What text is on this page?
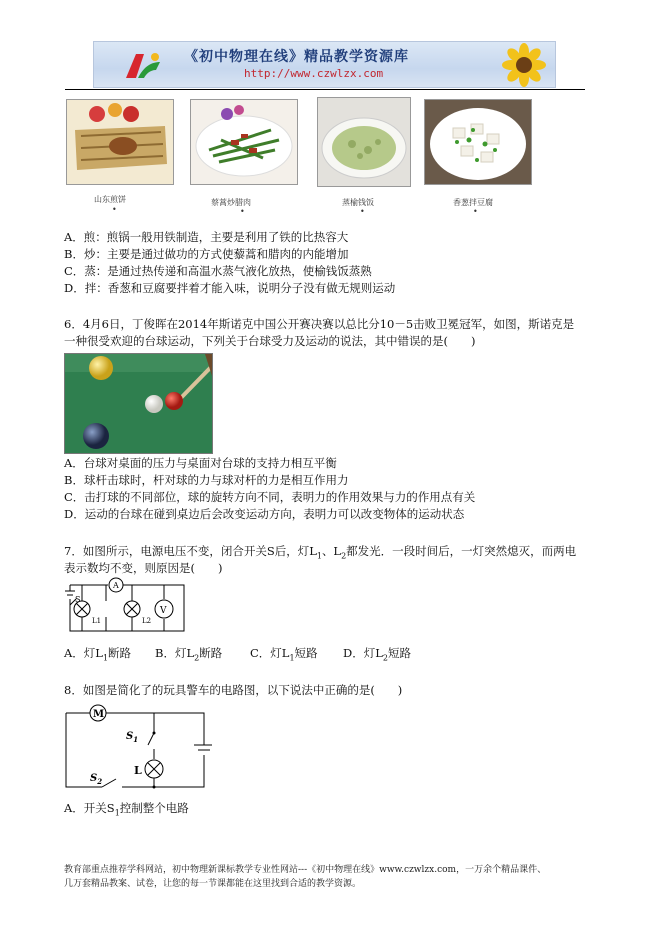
《初中物理在线》精品教学资源库
http://www.czwlzx.com
山东煎饼
•
蔡蒿炒腊肉
•
蒸榆钱饭
•
香葱拌豆腐
•
A．煎：煎锅一般用铁制造，主要是利用了铁的比热容大
B．炒：主要是通过做功的方式使藜蒿和腊肉的内能增加
C．蒸：是通过热传递和高温水蒸气液化放热，使榆钱饭蒸熟
D．拌：香葱和豆腐要拌着才能入味，说明分子没有做无规则运动
6．4月6日，丁俊晖在2014年斯诺克中国公开赛决赛以总比分10－5击败卫冕冠军，如图，斯诺克是
一种很受欢迎的台球运动，下列关于台球受力及运动的说法，其中错误的是(　　)
A．台球对桌面的压力与桌面对台球的支持力相互平衡
B．球杆击球时，杆对球的力与球对杆的力是相互作用力
C．击打球的不同部位，球的旋转方向不同，表明力的作用效果与力的作用点有关
D．运动的台球在碰到桌边后会改变运动方向，表明力可以改变物体的运动状态
7．如图所示，电源电压不变，闭合开关S后，灯$L_1$、$L_2$都发光．一段时间后，一灯突然熄灭，而两电
表示数均不变，则原因是(　　)
S
A
V
L1	L2
A．灯$L_1$断路 B．灯$L_2$断路 C．灯$L_1$短路 D．灯$L_2$短路
8．如图是简化了的玩具警车的电路图，以下说法中正确的是(　　)
M
$S_1$
L
$S_2$
A．开关$S_1$控制整个电路
教育部重点推荐学科网站，初中物理新课标教学专业性网站---《初中物理在线》www.czwlzx.com，一万余个精品课件、
几万套精品教案、试卷，让您的每一节课都能在这里找到合适的教学资源。
